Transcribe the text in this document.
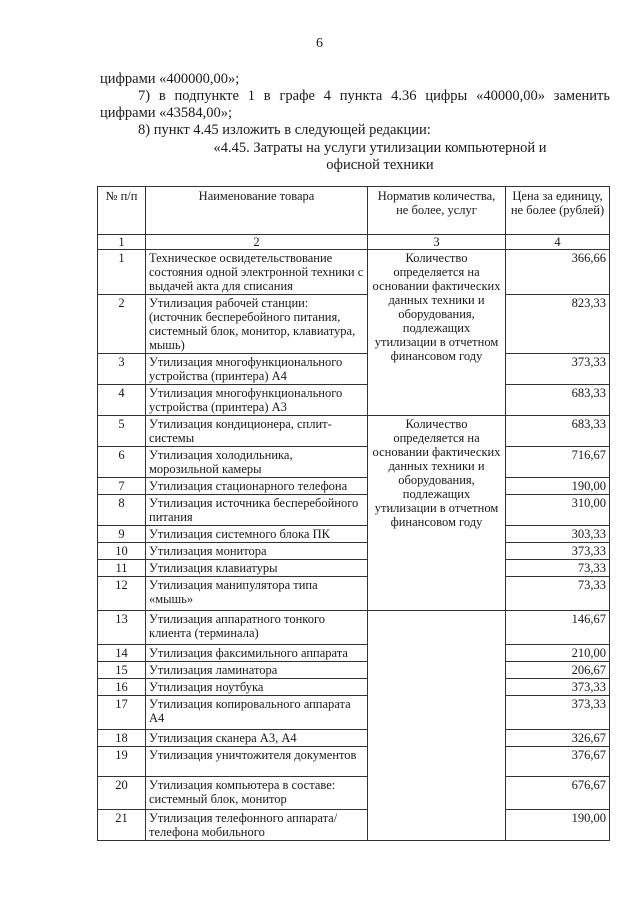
6
цифрами «400000,00»;
7) в подпункте 1 в графе 4 пункта 4.36 цифры «40000,00» заменить
цифрами «43584,00»;
8) пункт 4.45 изложить в следующей редакции:
«4.45. Затраты на услуги утилизации компьютерной и
офисной техники
№ п/п	Наименование товара	Норматив количества, не более, услуг	Цена за единицу, не более (рублей)
1	2	3	4
1	Техническое освидетельствование состояния одной электронной техники с выдачей акта для списания	Количество определяется на основании фактических данных техники и оборудования, подлежащих утилизации в отчетном финансовом году	366,66
2	Утилизация рабочей станции: (источник бесперебойного питания, системный блок, монитор, клавиатура, мышь)		823,33
3	Утилизация многофункционального устройства (принтера) А4		373,33
4	Утилизация многофункционального устройства (принтера) А3		683,33
5	Утилизация кондиционера, сплит-системы	Количество определяется на основании фактических данных техники и оборудования, подлежащих утилизации в отчетном финансовом году	683,33
6	Утилизация холодильника, морозильной камеры		716,67
7	Утилизация стационарного телефона		190,00
8	Утилизация источника бесперебойного питания		310,00
9	Утилизация системного блока ПК		303,33
10	Утилизация монитора		373,33
11	Утилизация клавиатуры		73,33
12	Утилизация манипулятора типа «мышь»		73,33
13	Утилизация аппаратного тонкого клиента (терминала)		146,67
14	Утилизация факсимильного аппарата		210,00
15	Утилизация ламинатора		206,67
16	Утилизация ноутбука		373,33
17	Утилизация копировального аппарата А4		373,33
18	Утилизация сканера А3, А4		326,67
19	Утилизация уничтожителя документов		376,67
20	Утилизация компьютера в составе: системный блок, монитор		676,67
21	Утилизация телефонного аппарата/телефона мобильного		190,00
